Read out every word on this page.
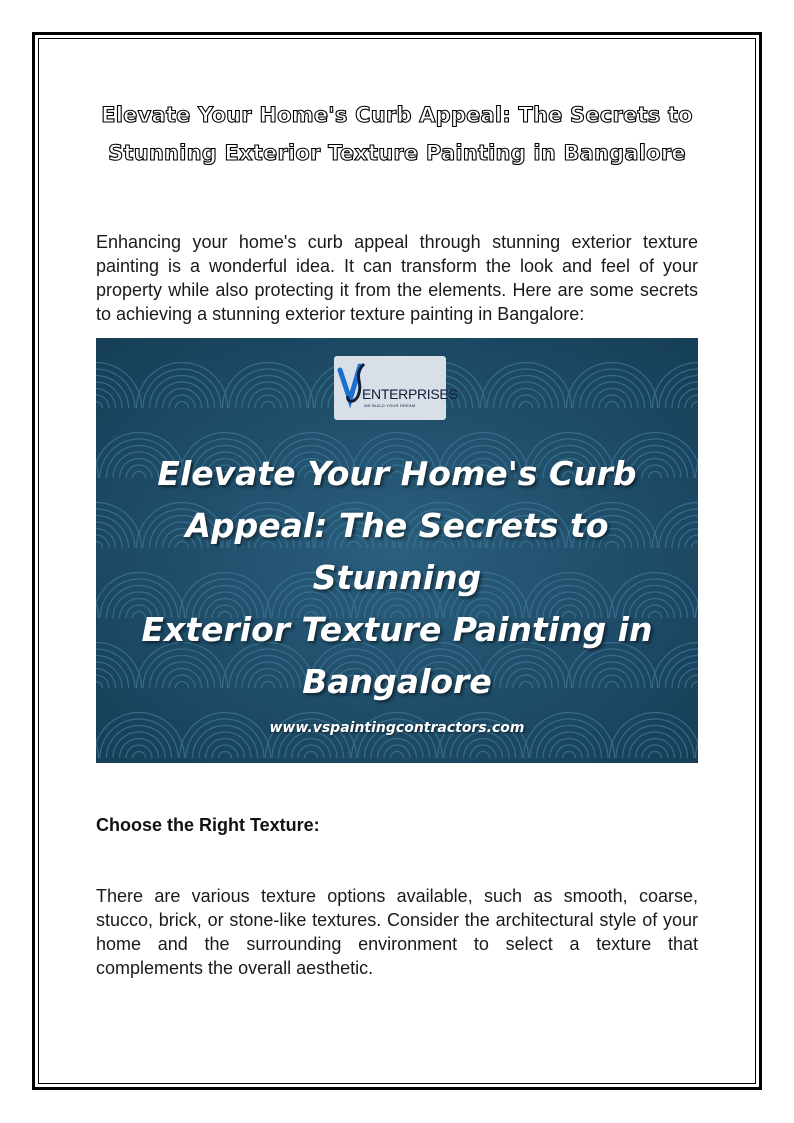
Elevate Your Home's Curb Appeal: The Secrets to
Stunning Exterior Texture Painting in Bangalore

Enhancing your home's curb appeal through stunning exterior texture painting is a wonderful idea. It can transform the look and feel of your property while also protecting it from the elements. Here are some secrets to achieving a stunning exterior texture painting in Bangalore:

ENTERPRISES
WE BUILD YOUR DREAM
Elevate Your Home's Curb
Appeal: The Secrets to Stunning
Exterior Texture Painting in
Bangalore
www.vspaintingcontractors.com
Choose the Right Texture:

There are various texture options available, such as smooth, coarse, stucco, brick, or stone-like textures. Consider the architectural style of your home and the surrounding environment to select a texture that complements the overall aesthetic.
